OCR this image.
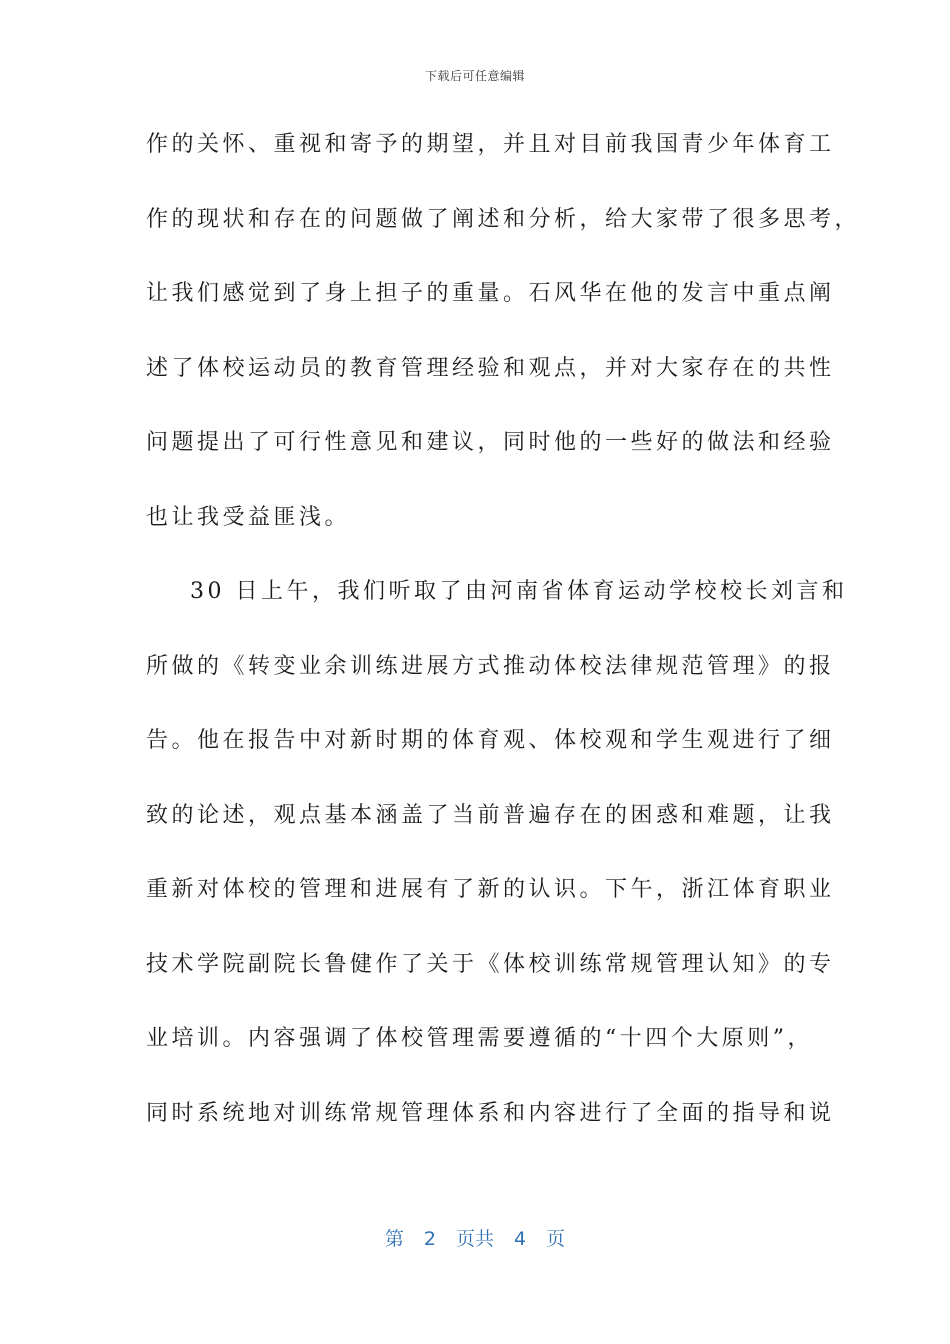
下载后可任意编辑
作的关怀、重视和寄予的期望，并且对目前我国青少年体育工
作的现状和存在的问题做了阐述和分析，给大家带了很多思考，
让我们感觉到了身上担子的重量。石风华在他的发言中重点阐
述了体校运动员的教育管理经验和观点，并对大家存在的共性
问题提出了可行性意见和建议，同时他的一些好的做法和经验
也让我受益匪浅。
30 日上午，我们听取了由河南省体育运动学校校长刘言和
所做的《转变业余训练进展方式推动体校法律规范管理》的报
告。他在报告中对新时期的体育观、体校观和学生观进行了细
致的论述，观点基本涵盖了当前普遍存在的困惑和难题，让我
重新对体校的管理和进展有了新的认识。下午，浙江体育职业
技术学院副院长鲁健作了关于《体校训练常规管理认知》的专
业培训。内容强调了体校管理需要遵循的“十四个大原则”，
同时系统地对训练常规管理体系和内容进行了全面的指导和说
第 2 页共 4 页
